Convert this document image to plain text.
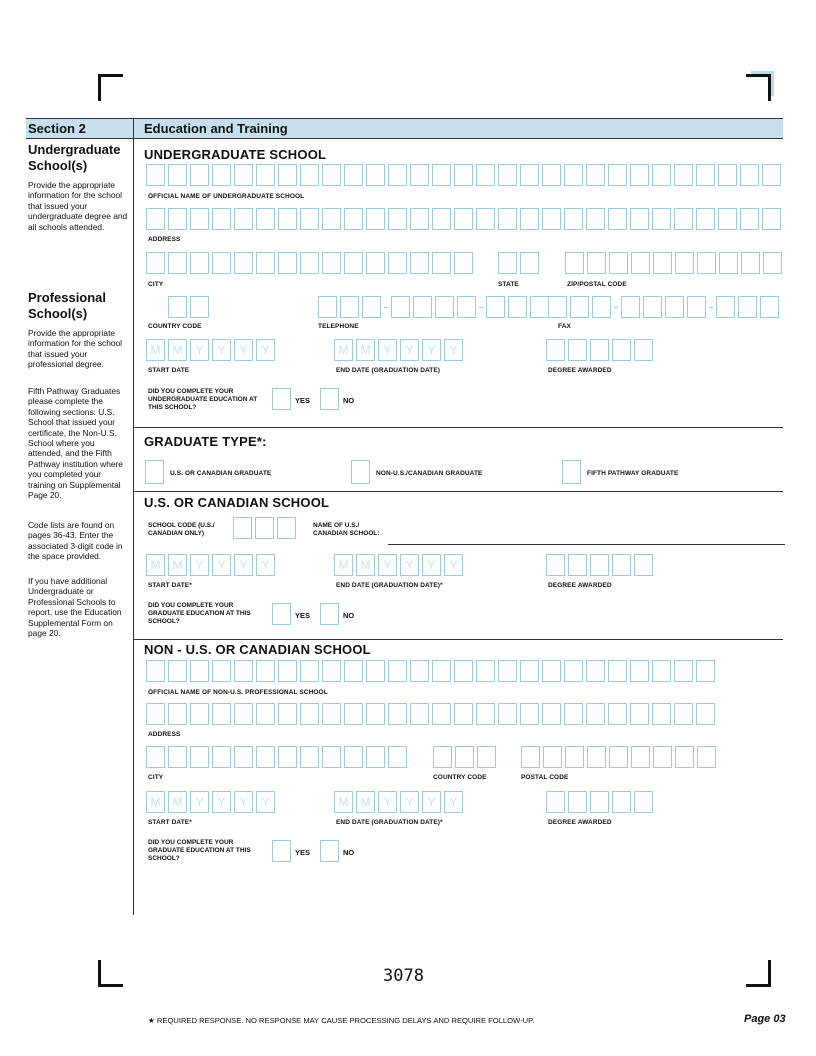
Section 2	Education and Training
Undergraduate School(s)
Provide the appropriate information for the school that issued your undergraduate degree and all schools attended.
Professional School(s)
Provide the appropriate information for the school that issued your professional degree.
Fifth Pathway Graduates please complete the following sections: U.S. School that issued your certificate, the Non-U.S. School where you attended, and the Fifth Pathway institution where you completed your training on Supplemental Page 20.
Code lists are found on pages 36-43. Enter the associated 3-digit code in the space provided.
If you have additional Undergraduate or Professional Schools to report, use the Education Supplemental Form on page 20.
UNDERGRADUATE SCHOOL
OFFICIAL NAME OF UNDERGRADUATE SCHOOL
ADDRESS
CITY	STATE	ZIP/POSTAL CODE
COUNTRY CODE	TELEPHONE	FAX
M	M	Y	Y	Y	Y	M	M	Y	Y	Y	Y
START DATE	END DATE (GRADUATION DATE)	DEGREE AWARDED
DID YOU COMPLETE YOUR UNDERGRADUATE EDUCATION AT THIS SCHOOL?
YES	NO
GRADUATE TYPE*:
U.S. OR CANADIAN GRADUATE	NON-U.S./CANADIAN GRADUATE	FIFTH PATHWAY GRADUATE
U.S. OR CANADIAN SCHOOL
SCHOOL CODE (U.S./ CANADIAN ONLY)
NAME OF U.S./ CANADIAN SCHOOL:
M	M	Y	Y	Y	Y	M	M	Y	Y	Y	Y
START DATE*	END DATE (GRADUATION DATE)*	DEGREE AWARDED
DID YOU COMPLETE YOUR GRADUATE EDUCATION AT THIS SCHOOL?
YES	NO
NON - U.S. OR CANADIAN SCHOOL
OFFICIAL NAME OF NON-U.S. PROFESSIONAL SCHOOL
ADDRESS
CITY	COUNTRY CODE	POSTAL CODE
M	M	Y	Y	Y	Y	M	M	Y	Y	Y	Y
START DATE*	END DATE (GRADUATION DATE)*	DEGREE AWARDED
DID YOU COMPLETE YOUR GRADUATE EDUCATION AT THIS SCHOOL?
YES	NO
3078
★ REQUIRED RESPONSE. NO RESPONSE MAY CAUSE PROCESSING DELAYS AND REQUIRE FOLLOW-UP.	Page 03
